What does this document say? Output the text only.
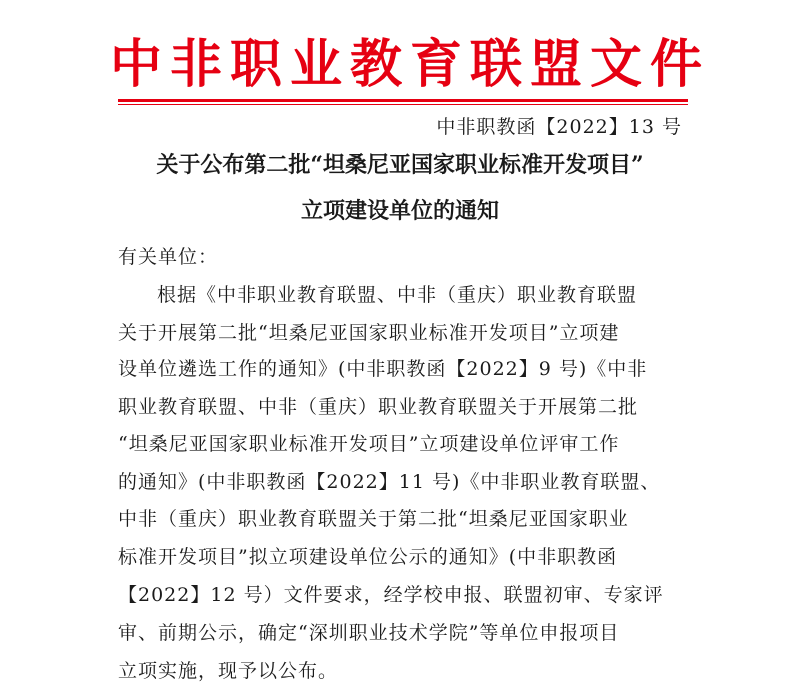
中非职业教育联盟文件
中非职教函【2022】13 号
关于公布第二批“坦桑尼亚国家职业标准开发项目”
立项建设单位的通知
有关单位：
根据《中非职业教育联盟、中非（重庆）职业教育联盟
关于开展第二批“坦桑尼亚国家职业标准开发项目”立项建
设单位遴选工作的通知》(中非职教函【2022】9 号)《中非
职业教育联盟、中非（重庆）职业教育联盟关于开展第二批
“坦桑尼亚国家职业标准开发项目”立项建设单位评审工作
的通知》(中非职教函【2022】11 号)《中非职业教育联盟、
中非（重庆）职业教育联盟关于第二批“坦桑尼亚国家职业
标准开发项目”拟立项建设单位公示的通知》(中非职教函
【2022】12 号）文件要求，经学校申报、联盟初审、专家评
审、前期公示，确定“深圳职业技术学院”等单位申报项目
立项实施，现予以公布。
